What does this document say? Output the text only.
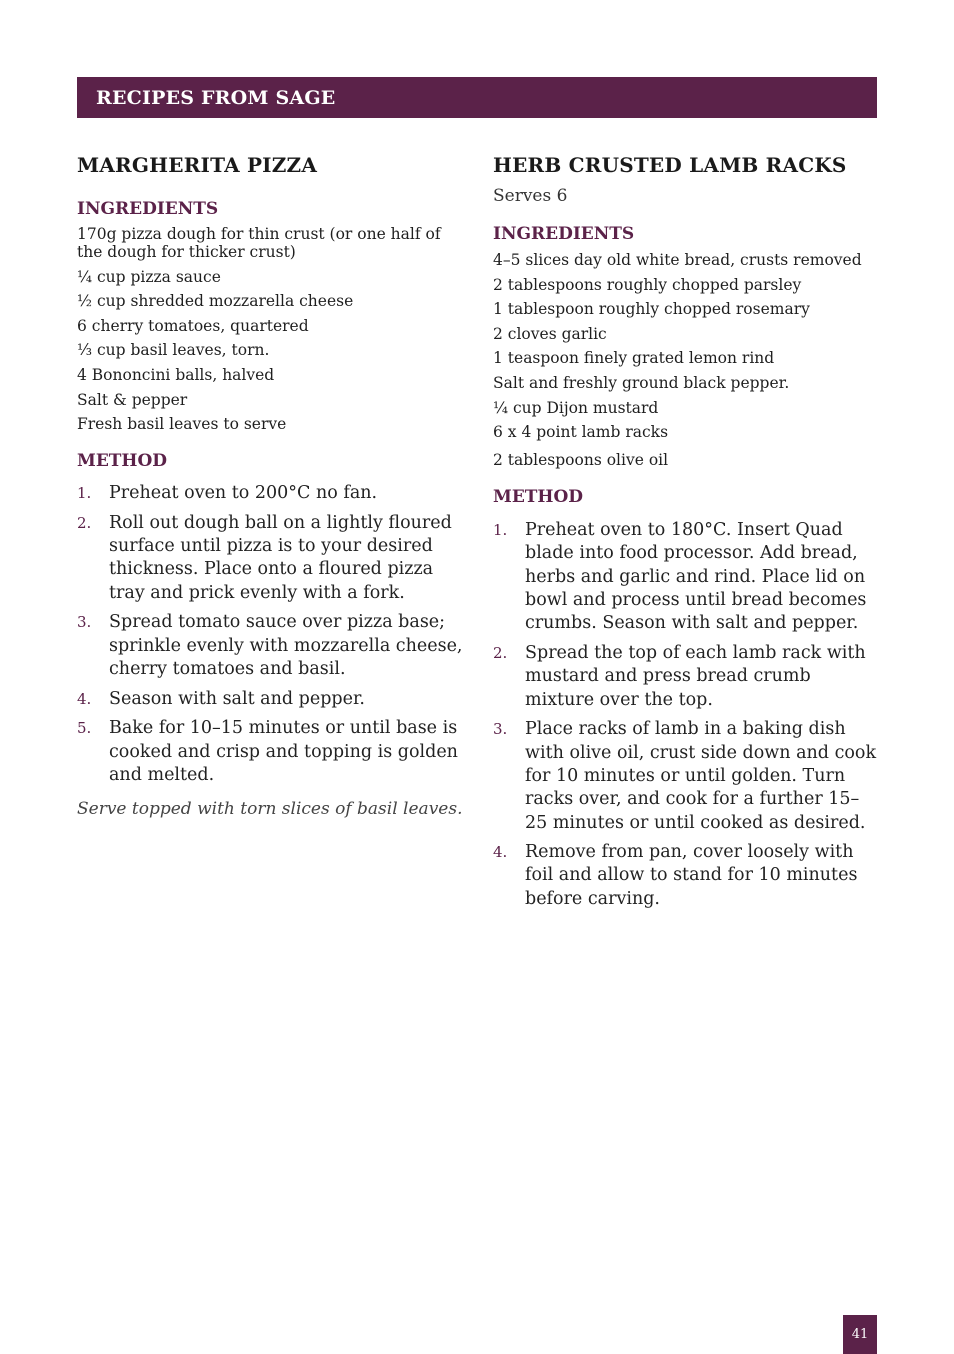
RECIPES FROM SAGE
MARGHERITA PIZZA
INGREDIENTS
170g pizza dough for thin crust (or one half of the dough for thicker crust)
¼ cup pizza sauce
½ cup shredded mozzarella cheese
6 cherry tomatoes, quartered
⅓ cup basil leaves, torn.
4 Bononcini balls, halved
Salt & pepper
Fresh basil leaves to serve
METHOD
1.	Preheat oven to 200°C no fan.
2.	Roll out dough ball on a lightly floured surface until pizza is to your desired thickness. Place onto a floured pizza tray and prick evenly with a fork.
3.	Spread tomato sauce over pizza base; sprinkle evenly with mozzarella cheese, cherry tomatoes and basil.
4.	Season with salt and pepper.
5.	Bake for 10–15 minutes or until base is cooked and crisp and topping is golden and melted.
Serve topped with torn slices of basil leaves.
HERB CRUSTED LAMB RACKS
Serves 6
INGREDIENTS
4–5 slices day old white bread, crusts removed
2 tablespoons roughly chopped parsley
1 tablespoon roughly chopped rosemary
2 cloves garlic
1 teaspoon finely grated lemon rind
Salt and freshly ground black pepper.
¼ cup Dijon mustard
6 x 4 point lamb racks
2 tablespoons olive oil
METHOD
1.	Preheat oven to 180°C. Insert Quad blade into food processor. Add bread, herbs and garlic and rind. Place lid on bowl and process until bread becomes crumbs. Season with salt and pepper.
2.	Spread the top of each lamb rack with mustard and press bread crumb mixture over the top.
3.	Place racks of lamb in a baking dish with olive oil, crust side down and cook for 10 minutes or until golden. Turn racks over, and cook for a further 15–25 minutes or until cooked as desired.
4.	Remove from pan, cover loosely with foil and allow to stand for 10 minutes before carving.
41
